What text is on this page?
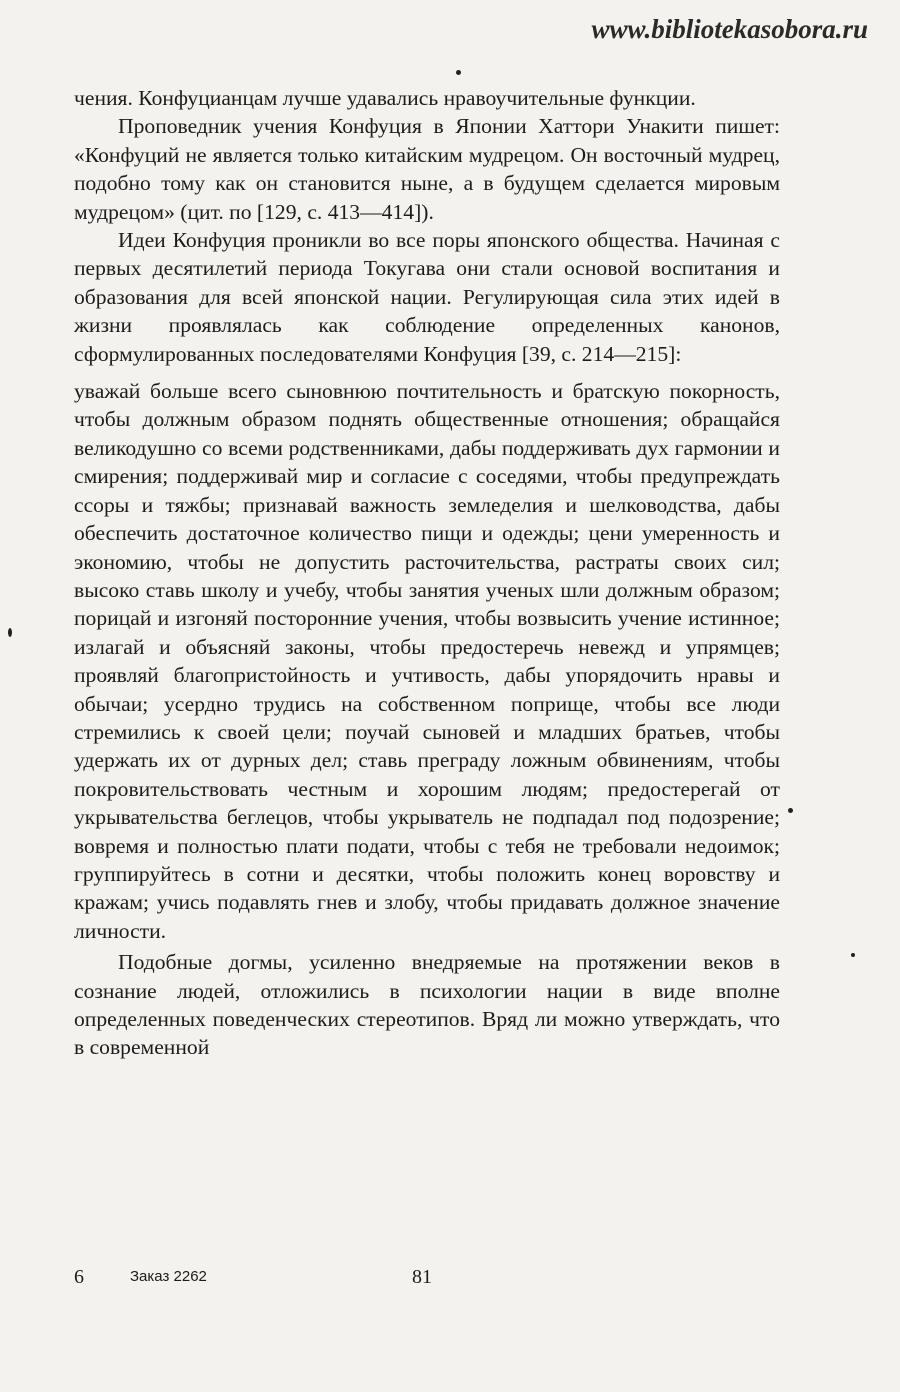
www.bibliotekasobora.ru

чения. Конфуцианцам лучше удавались нравоучительные функции.

Проповедник учения Конфуция в Японии Хаттори Унакити пишет: «Конфуций не является только китайским мудрецом. Он восточный мудрец, подобно тому как он становится ныне, а в будущем сделается мировым мудрецом» (цит. по [129, с. 413—414]).

Идеи Конфуция проникли во все поры японского общества. Начиная с первых десятилетий периода Токугава они стали основой воспитания и образования для всей японской нации. Регулирующая сила этих идей в жизни проявлялась как соблюдение определенных канонов, сформулированных последователями Конфуция [39, с. 214—215]:

уважай больше всего сыновнюю почтительность и братскую покорность, чтобы должным образом поднять общественные отношения; обращайся великодушно со всеми родственниками, дабы поддерживать дух гармонии и смирения; поддерживай мир и согласие с соседями, чтобы предупреждать ссоры и тяжбы; признавай важность земледелия и шелководства, дабы обеспечить достаточное количество пищи и одежды; цени умеренность и экономию, чтобы не допустить расточительства, растраты своих сил; высоко ставь школу и учебу, чтобы занятия ученых шли должным образом; порицай и изгоняй посторонние учения, чтобы возвысить учение истинное; излагай и объясняй законы, чтобы предостеречь невежд и упрямцев; проявляй благопристойность и учтивость, дабы упорядочить нравы и обычаи; усердно трудись на собственном поприще, чтобы все люди стремились к своей цели; поучай сыновей и младших братьев, чтобы удержать их от дурных дел; ставь преграду ложным обвинениям, чтобы покровительствовать честным и хорошим людям; предостерегай от укрывательства беглецов, чтобы укрыватель не подпадал под подозрение; вовремя и полностью плати подати, чтобы с тебя не требовали недоимок; группируйтесь в сотни и десятки, чтобы положить конец воровству и кражам; учись подавлять гнев и злобу, чтобы придавать должное значение личности.

Подобные догмы, усиленно внедряемые на протяжении веков в сознание людей, отложились в психологии нации в виде вполне определенных поведенческих стереотипов. Вряд ли можно утверждать, что в современной

6	Заказ 2262	81
